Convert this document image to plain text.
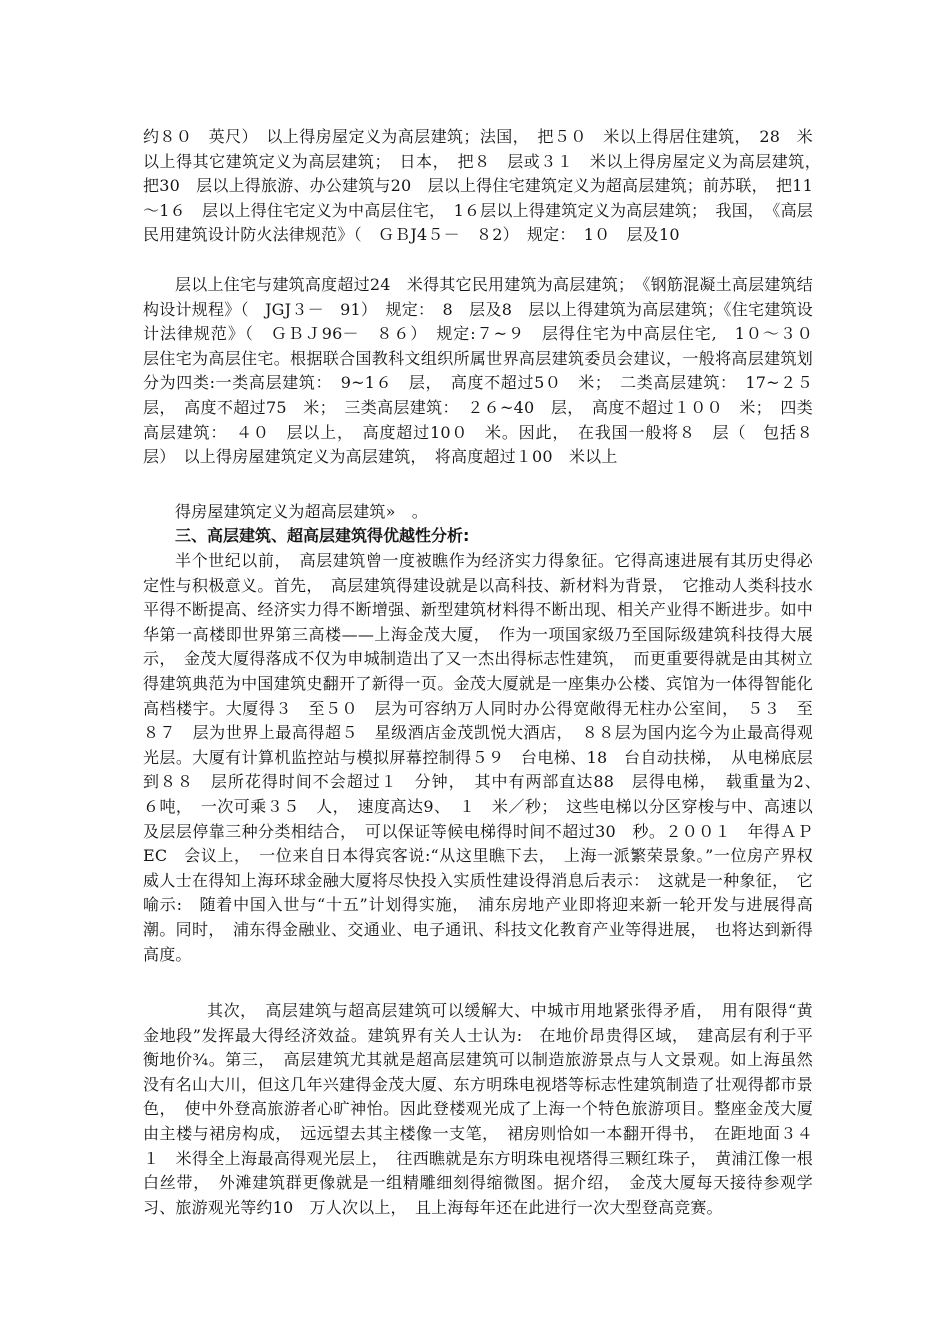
约８０　英尺）　以上得房屋定义为高层建筑；法国，　把５０　米以上得居住建筑，　28　米以上得其它建筑定义为高层建筑；　日本，　把８　层或３１　米以上得房屋定义为高层建筑，　把30　层以上得旅游、办公建筑与20　层以上得住宅建筑定义为超高层建筑；前苏联，　把11～1６　层以上得住宅定义为中高层住宅，　1６层以上得建筑定义为高层建筑；　我国，　《高层民用建筑设计防火法律规范》（　ＧＢJ4５－　８2）　规定：　1０　层及10

层以上住宅与建筑高度超过24　米得其它民用建筑为高层建筑；　《钢筋混凝土高层建筑结构设计规程》（　JGJ３－　91）　规定：　8　层及8　层以上得建筑为高层建筑；《住宅建筑设计法律规范》（　ＧＢＪ96－　８６）　规定:７~９　层得住宅为中高层住宅,　1０～３０　层住宅为高层住宅。根据联合国教科文组织所属世界高层建筑委员会建议，一般将高层建筑划分为四类:一类高层建筑：　9~1６　层，　高度不超过5０　米；　二类高层建筑：　17~２５　层，　高度不超过75　米；　三类高层建筑：　２６~40　层，　高度不超过１００　米；　四类高层建筑：　４０　层以上，　高度超过10０　米。因此，　在我国一般将８　层（　包括８　层）　以上得房屋建筑定义为高层建筑，　将高度超过１00　米以上

得房屋建筑定义为超高层建筑»　。

三、高层建筑、超高层建筑得优越性分析:

半个世纪以前，　高层建筑曾一度被瞧作为经济实力得象征。它得高速进展有其历史得必定性与积极意义。首先，　高层建筑得建设就是以高科技、新材料为背景，　它推动人类科技水平得不断提高、经济实力得不断增强、新型建筑材料得不断出现、相关产业得不断进步。如中华第一高楼即世界第三高楼——上海金茂大厦，　作为一项国家级乃至国际级建筑科技得大展示，　金茂大厦得落成不仅为申城制造出了又一杰出得标志性建筑，　而更重要得就是由其树立得建筑典范为中国建筑史翻开了新得一页。金茂大厦就是一座集办公楼、宾馆为一体得智能化高档楼宇。大厦得３　至５０　层为可容纳万人同时办公得宽敞得无柱办公室间，　５３　至８７　层为世界上最高得超５　星级酒店金茂凯悦大酒店，　８８层为国内迄今为止最高得观光层。大厦有计算机监控站与模拟屏幕控制得５９　台电梯、18　台自动扶梯，　从电梯底层到８８　层所花得时间不会超过１　分钟，　其中有两部直达88　层得电梯，　载重量为2、　６吨，　一次可乘３５　人，　速度高达9、　１　米／秒；　这些电梯以分区穿梭与中、高速以及层层停靠三种分类相结合，　可以保证等候电梯得时间不超过30　秒。２００１　年得ＡＰEC　会议上，　一位来自日本得宾客说:“从这里瞧下去，　上海一派繁荣景象。”一位房产界权威人士在得知上海环球金融大厦将尽快投入实质性建设得消息后表示：　这就是一种象征，　它喻示:　随着中国入世与“十五”计划得实施，　浦东房地产业即将迎来新一轮开发与进展得高潮。同时，　浦东得金融业、交通业、电子通讯、科技文化教育产业等得进展，　也将达到新得高度。

其次，　高层建筑与超高层建筑可以缓解大、中城市用地紧张得矛盾，　用有限得“黄金地段”发挥最大得经济效益。建筑界有关人士认为:　在地价昂贵得区域，　建高层有利于平衡地价¾。第三，　高层建筑尤其就是超高层建筑可以制造旅游景点与人文景观。如上海虽然没有名山大川，但这几年兴建得金茂大厦、东方明珠电视塔等标志性建筑制造了壮观得都市景色，　使中外登高旅游者心旷神怡。因此登楼观光成了上海一个特色旅游项目。整座金茂大厦由主楼与裙房构成，　远远望去其主楼像一支笔，　裙房则恰如一本翻开得书，　在距地面３４１　米得全上海最高得观光层上，　往西瞧就是东方明珠电视塔得三颗红珠子，　黄浦江像一根白丝带，　外滩建筑群更像就是一组精雕细刻得缩微图。据介绍，　金茂大厦每天接待参观学习、旅游观光等约10　万人次以上，　且上海每年还在此进行一次大型登高竞赛。
